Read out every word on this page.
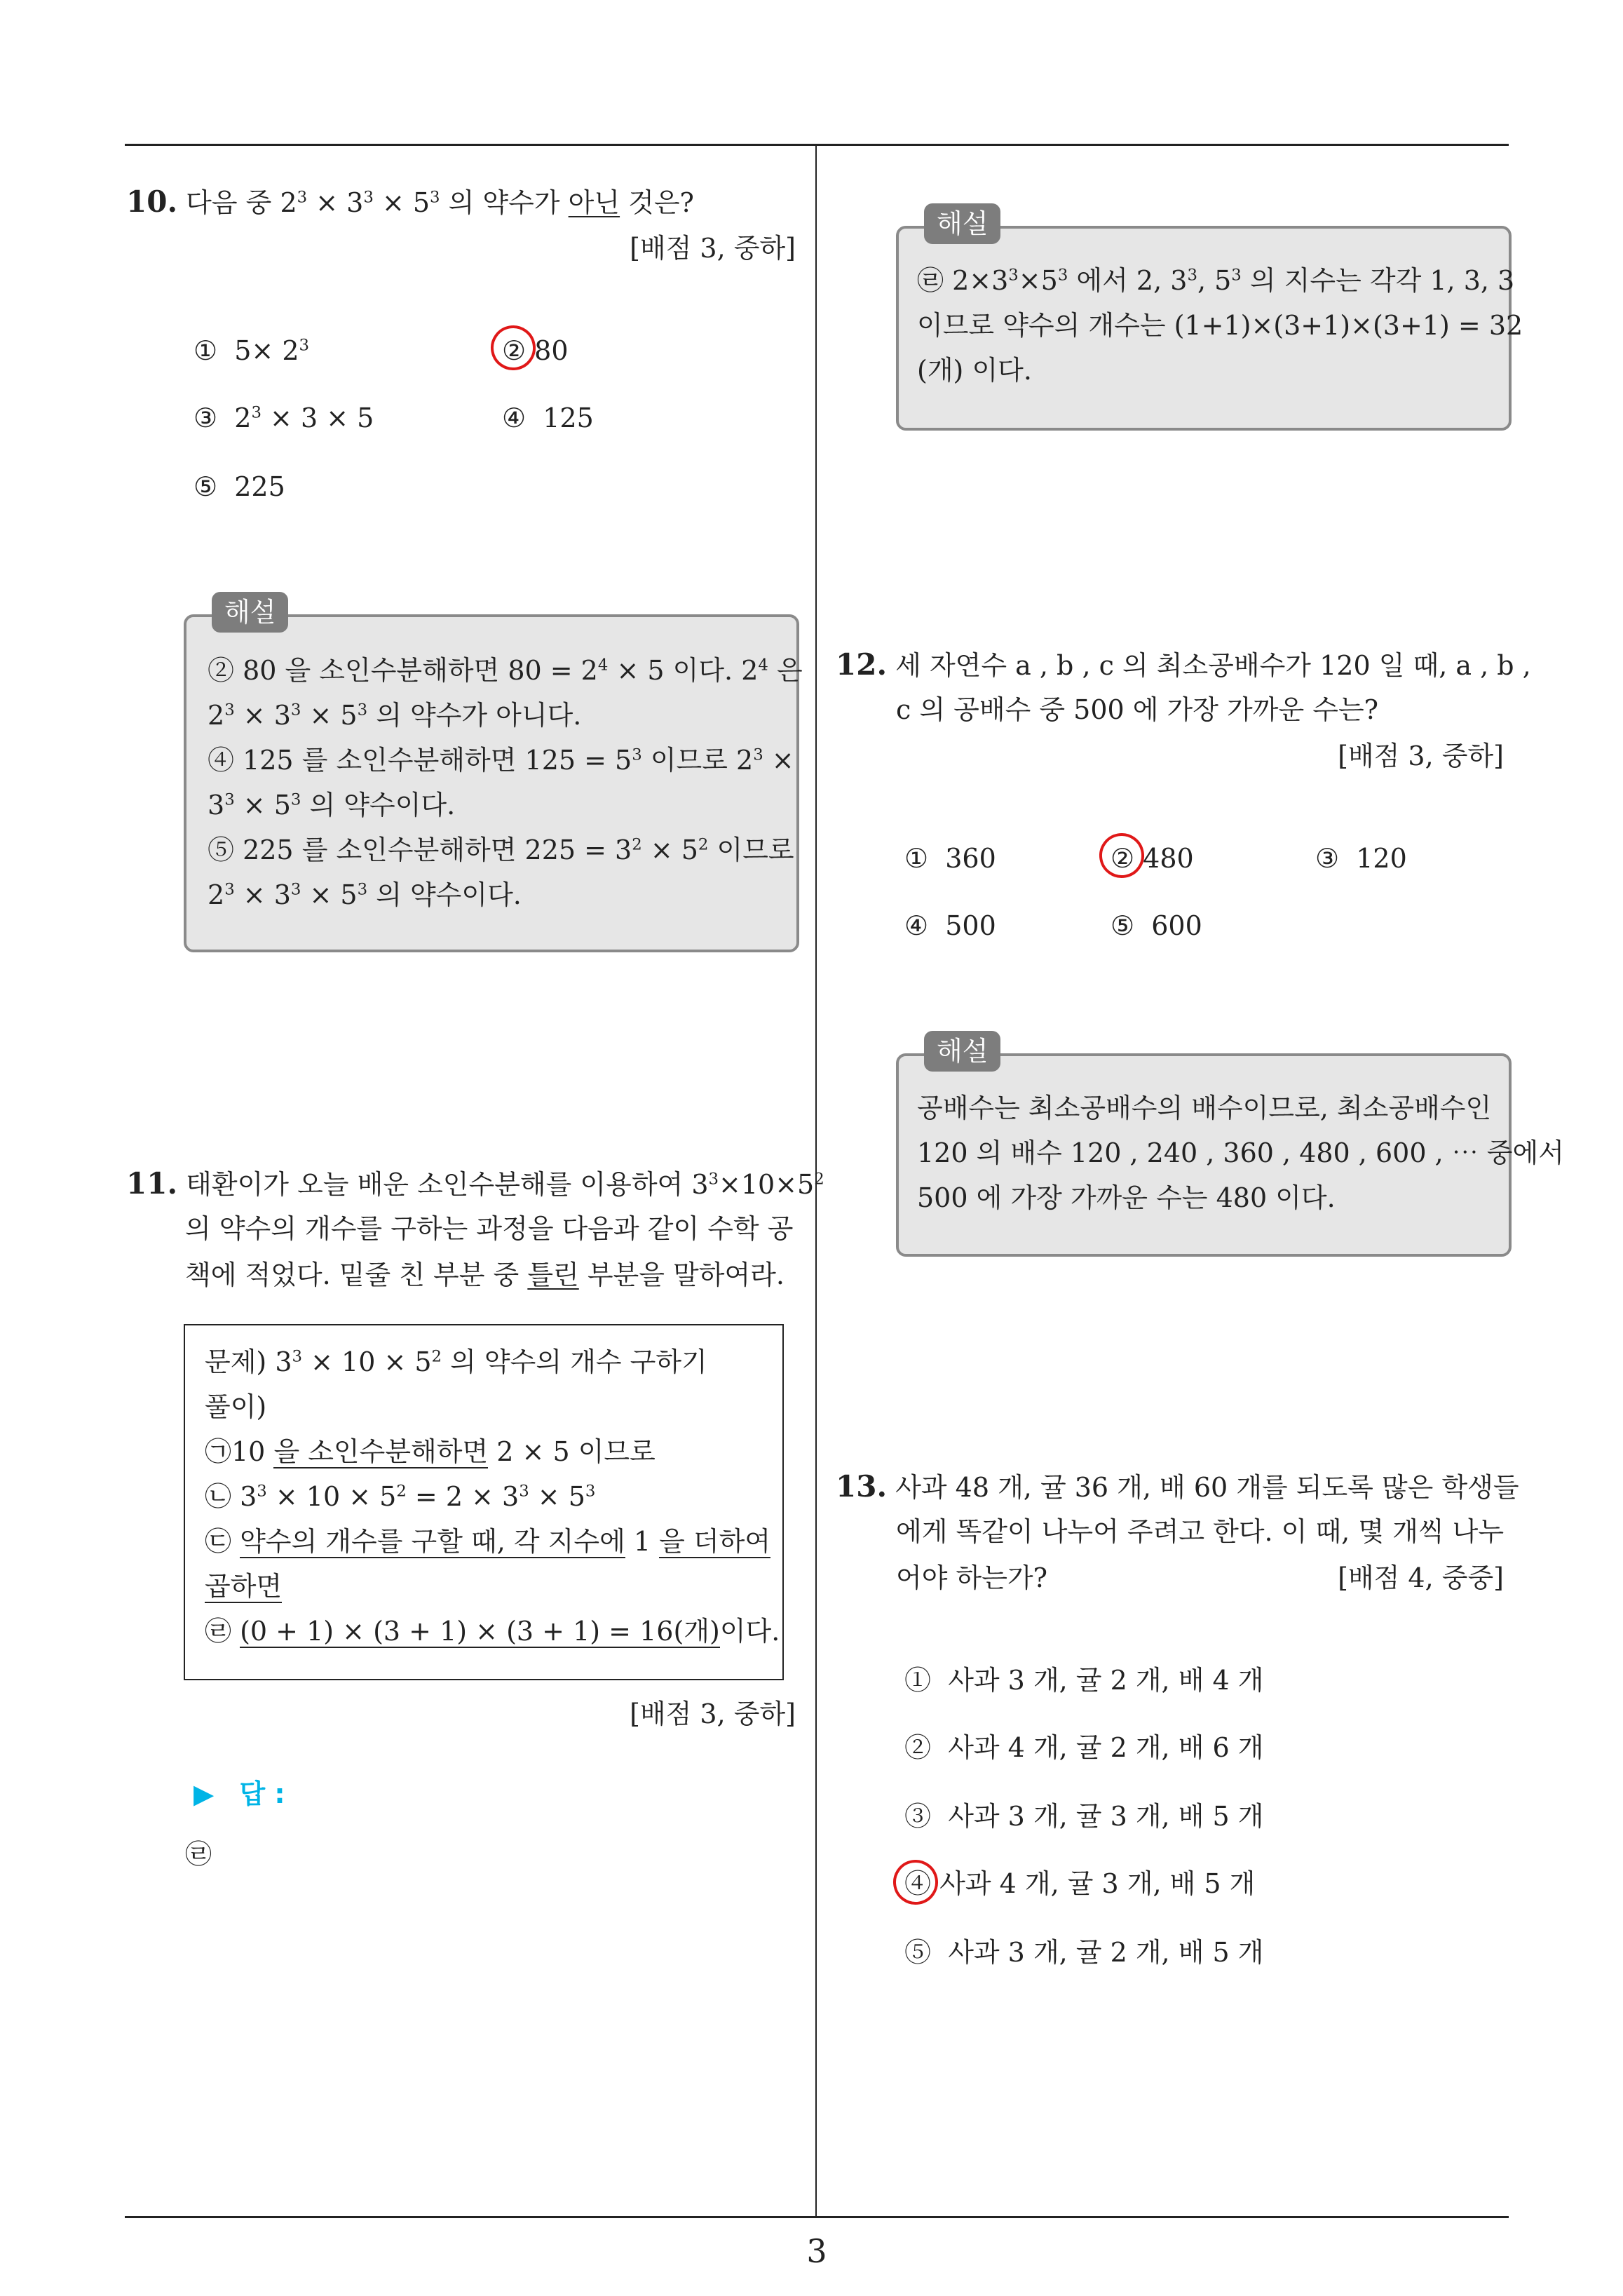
3
10. 다음 중 $2^3 \times 3^3 \times 5^3$ 의 약수가 아닌 것은?
[배점 3, 중하]
① $5\times 2^3$	② 80
③ $2^3 \times 3 \times 5$	④ 125
⑤ 225
해설
② 80 을 소인수분해하면 $80 = 2^4 \times 5$ 이다. $2^4$ 은
$2^3 \times 3^3 \times 5^3$ 의 약수가 아니다.
④ 125 를 소인수분해하면 $125 = 5^3$ 이므로 $2^3$ ×
$3^3 \times 5^3$ 의 약수이다.
⑤ 225 를 소인수분해하면 $225 = 3^2 \times 5^2$ 이므로
$2^3 \times 3^3 \times 5^3$ 의 약수이다.
11. 태환이가 오늘 배운 소인수분해를 이용하여 $3^3\times 10\times 5^2$
의 약수의 개수를 구하는 과정을 다음과 같이 수학 공
책에 적었다. 밑줄 친 부분 중 틀린 부분을 말하여라.
문제) $3^3 \times 10 \times 5^2$ 의 약수의 개수 구하기
풀이)
㉠10 을 소인수분해하면 2 × 5 이므로
㉡ $3^3 \times 10 \times 5^2 = 2 \times 3^3 \times 5^3$
㉢ 약수의 개수를 구할 때, 각 지수에 1 을 더하여
곱하면
㉣ (0 + 1) × (3 + 1) × (3 + 1) = 16(개)이다.
[배점 3, 중하]
▶ 답 :
㉣
해설
㉣ $2\times 3^3\times 5^3$ 에서 2, $3^3$, $5^3$ 의 지수는 각각 1, 3, 3
이므로 약수의 개수는 (1+1)×(3+1)×(3+1) = 32
(개) 이다.
12. 세 자연수 a , b , c 의 최소공배수가 120 일 때, a , b ,
c 의 공배수 중 500 에 가장 가까운 수는?
[배점 3, 중하]
① 360	② 480	③ 120
④ 500	⑤ 600
해설
공배수는 최소공배수의 배수이므로, 최소공배수인
120 의 배수 120 , 240 , 360 , 480 , 600 , ⋯ 중에서
500 에 가장 가까운 수는 480 이다.
13. 사과 48 개, 귤 36 개, 배 60 개를 되도록 많은 학생들
에게 똑같이 나누어 주려고 한다. 이 때, 몇 개씩 나누
어야 하는가?	[배점 4, 중중]
① 사과 3 개, 귤 2 개, 배 4 개
② 사과 4 개, 귤 2 개, 배 6 개
③ 사과 3 개, 귤 3 개, 배 5 개
④ 사과 4 개, 귤 3 개, 배 5 개
⑤ 사과 3 개, 귤 2 개, 배 5 개
